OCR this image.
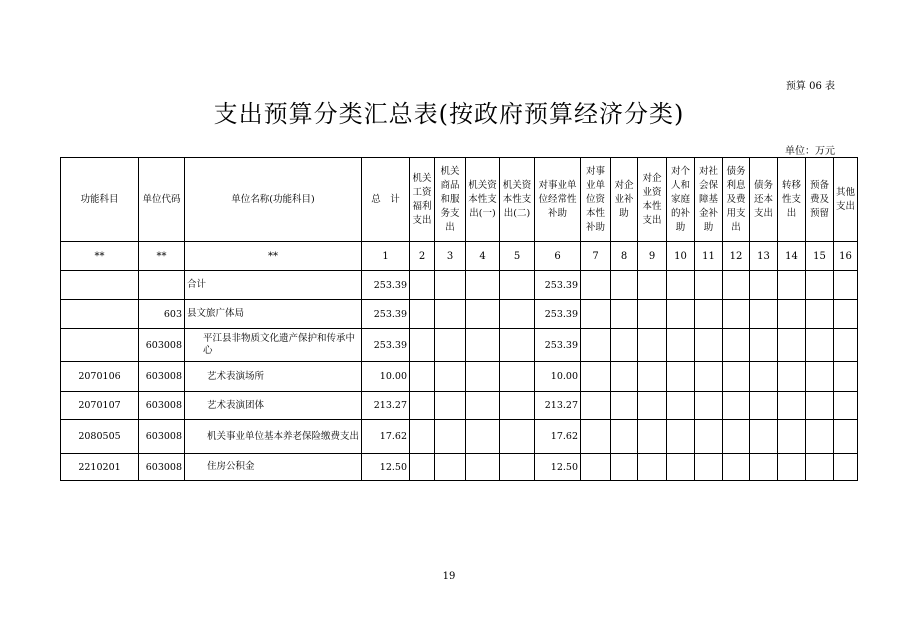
预算 06 表
支出预算分类汇总表(按政府预算经济分类)
单位：万元
功能科目	单位代码	单位名称(功能科目)	总　计	机关工资福利支出	机关商品和服务支出	机关资本性支出(一)	机关资本性支出(二)	对事业单位经常性补助	对事业单位资本性补助	对企业补助	对企业资本性支出	对个人和家庭的补助	对社会保障基金补助	债务利息及费用支出	债务还本支出	转移性支出	预备费及预留	其他支出
**	**	**	1	2	3	4	5	6	7	8	9	10	11	12	13	14	15	16
		合计	253.39					253.39										
	603	县文旅广体局	253.39					253.39										
	603008	平江县非物质文化遗产保护和传承中心	253.39					253.39										
2070106	603008	艺术表演场所	10.00					10.00										
2070107	603008	艺术表演团体	213.27					213.27										
2080505	603008	机关事业单位基本养老保险缴费支出	17.62					17.62										
2210201	603008	住房公积金	12.50					12.50										
19
